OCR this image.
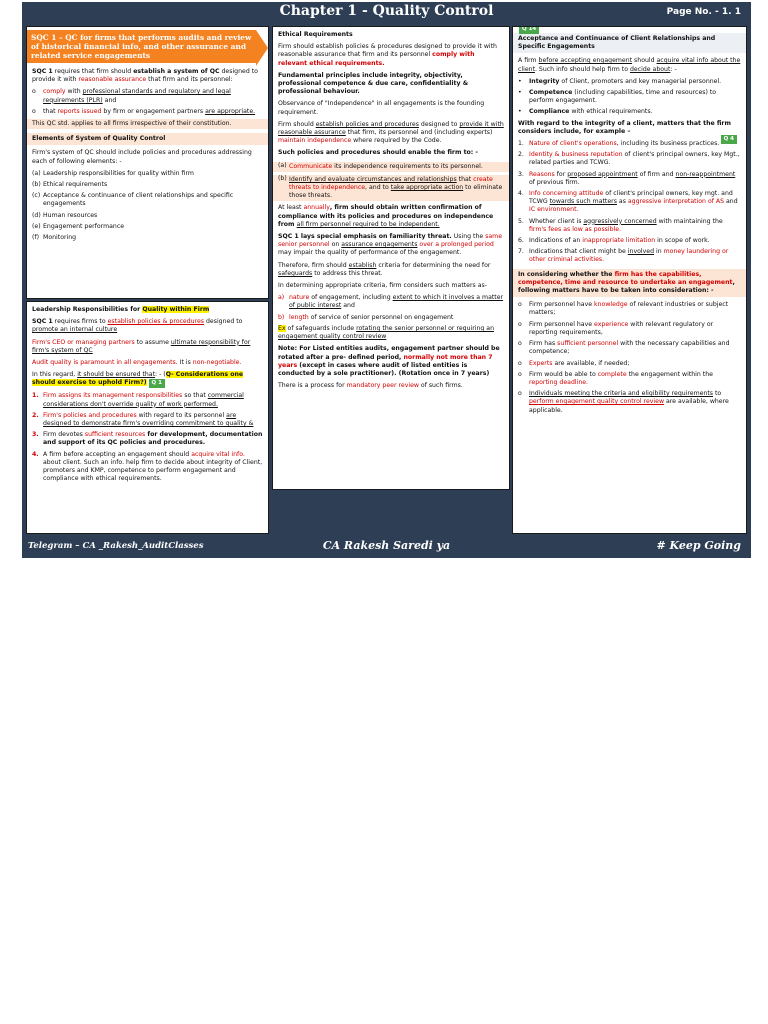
Chapter 1 - Quality Control	Page No. - 1. 1
SQC 1 – QC for firms that performs audits and review of historical financial info, and other assurance and related service engagements
SQC 1 requires that firm should establish a system of QC designed to provide it with reasonable assurance that firm and its personnel:
o comply with professional standards and regulatory and legal requirements (PLR) and
o that reports issued by firm or engagement partners are appropriate.
This QC std. applies to all firms irrespective of their constitution.
Elements of System of Quality Control
Firm's system of QC should include policies and procedures addressing each of following elements: -
(a) Leadership responsibilities for quality within firm
(b) Ethical requirements
(c) Acceptance & continuance of client relationships and specific engagements
(d) Human resources
(e) Engagement performance
(f) Monitoring
Leadership Responsibilities for Quality within Firm
SQC 1 requires firms to establish policies & procedures designed to promote an internal culture
Firm's CEO or managing partners to assume ultimate responsibility for firm's system of QC
Audit quality is paramount in all engagements. It is non-negotiable.
In this regard, it should be ensured that: - (Q- Considerations one should exercise to uphold Firm?) Q 1
1. Firm assigns its management responsibilities so that commercial considerations don't override quality of work performed.
2. Firm's policies and procedures with regard to its personnel are designed to demonstrate firm's overriding commitment to quality &
3. Firm devotes sufficient resources for development, documentation and support of its QC policies and procedures.
4. A firm before accepting an engagement should acquire vital info. about client. Such an info. help firm to decide about integrity of Client, promoters and KMP, competence to perform engagement and compliance with ethical requirements.
Ethical Requirements
Firm should establish policies & procedures designed to provide it with reasonable assurance that firm and its personnel comply with relevant ethical requirements.
Fundamental principles include integrity, objectivity, professional competence & due care, confidentiality & professional behaviour.
Observance of "Independence" in all engagements is the founding requirement.
Firm should establish policies and procedures designed to provide it with reasonable assurance that firm, its personnel and (including experts) maintain independence where required by the Code.
Such policies and procedures should enable the firm to: -
(a) Communicate its independence requirements to its personnel.
(b) Identify and evaluate circumstances and relationships that create threats to independence, and to take appropriate action to eliminate those threats.
At least annually, firm should obtain written confirmation of compliance with its policies and procedures on independence from all firm personnel required to be independent.
SQC 1 lays special emphasis on familiarity threat. Using the same senior personnel on assurance engagements over a prolonged period may impair the quality of performance of the engagement.
Therefore, firm should establish criteria for determining the need for safeguards to address this threat.
In determining appropriate criteria, firm considers such matters as-
a) nature of engagement, including extent to which it involves a matter of public interest and
b) length of service of senior personnel on engagement
Ex of safeguards include rotating the senior personnel or requiring an engagement quality control review
Note: For Listed entities audits, engagement partner should be rotated after a pre- defined period, normally not more than 7 years (except in cases where audit of listed entities is conducted by a sole practitioner). (Rotation once in 7 years)
There is a process for mandatory peer review of such firms.
Q 14
Acceptance and Continuance of Client Relationships and Specific Engagements
A firm before accepting engagement should acquire vital info about the client. Such info should help firm to decide about: -
• Integrity of Client, promoters and key managerial personnel.
• Competence (including capabilities, time and resources) to perform engagement.
• Compliance with ethical requirements.
With regard to the integrity of a client, matters that the firm considers include, for example –
Q 4
1. Nature of client's operations, including its business practices.
2. Identity & business reputation of client's principal owners, key Mgt., related parties and TCWG.
3. Reasons for proposed appointment of firm and non-reappointment of previous firm.
4. Info concerning attitude of client's principal owners, key mgt. and TCWG towards such matters as aggressive interpretation of AS and IC environment.
5. Whether client is aggressively concerned with maintaining the firm's fees as low as possible.
6. Indications of an inappropriate limitation in scope of work.
7. Indications that client might be involved in money laundering or other criminal activities.
In considering whether the firm has the capabilities, competence, time and resource to undertake an engagement, following matters have to be taken into consideration: -
o Firm personnel have knowledge of relevant industries or subject matters;
o Firm personnel have experience with relevant regulatory or reporting requirements,
o Firm has sufficient personnel with the necessary capabilities and competence;
o Experts are available, if needed;
o Firm would be able to complete the engagement within the reporting deadline.
o Individuals meeting the criteria and eligibility requirements to perform engagement quality control review are available, where applicable.
Telegram – CA _Rakesh_AuditClasses	CA Rakesh Saredi ya	# Keep Going
